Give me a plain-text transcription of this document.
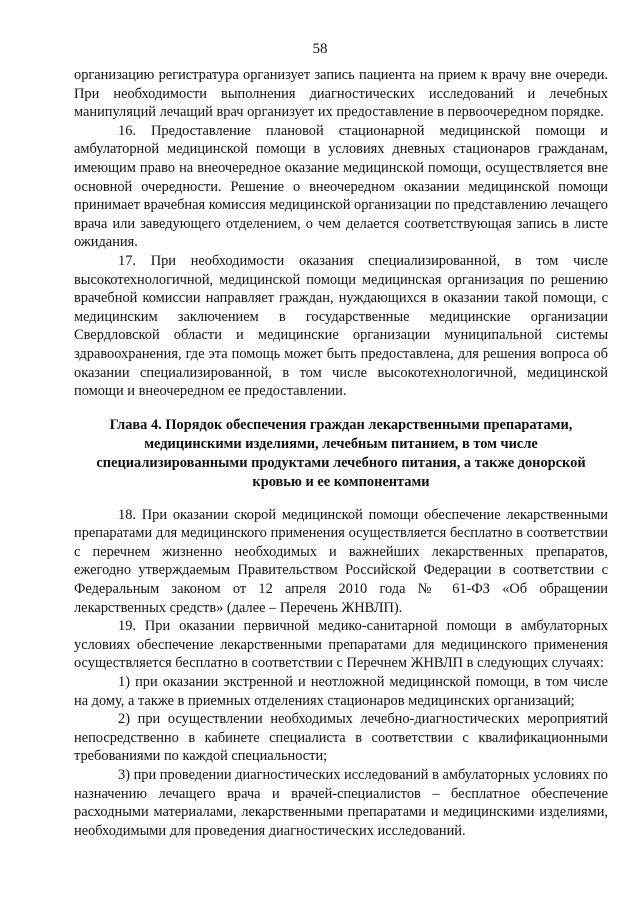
58

организацию регистратура организует запись пациента на прием к врачу вне очереди. При необходимости выполнения диагностических исследований и лечебных манипуляций лечащий врач организует их предоставление в первоочередном порядке.

16. Предоставление плановой стационарной медицинской помощи и амбулаторной медицинской помощи в условиях дневных стационаров гражданам, имеющим право на внеочередное оказание медицинской помощи, осуществляется вне основной очередности. Решение о внеочередном оказании медицинской помощи принимает врачебная комиссия медицинской организации по представлению лечащего врача или заведующего отделением, о чем делается соответствующая запись в листе ожидания.

17. При необходимости оказания специализированной, в том числе высокотехнологичной, медицинской помощи медицинская организация по решению врачебной комиссии направляет граждан, нуждающихся в оказании такой помощи, с медицинским заключением в государственные медицинские организации Свердловской области и медицинские организации муниципальной системы здравоохранения, где эта помощь может быть предоставлена, для решения вопроса об оказании специализированной, в том числе высокотехнологичной, медицинской помощи и внеочередном ее предоставлении.

Глава 4. Порядок обеспечения граждан лекарственными препаратами, медицинскими изделиями, лечебным питанием, в том числе специализированными продуктами лечебного питания, а также донорской кровью и ее компонентами

18. При оказании скорой медицинской помощи обеспечение лекарственными препаратами для медицинского применения осуществляется бесплатно в соответствии с перечнем жизненно необходимых и важнейших лекарственных препаратов, ежегодно утверждаемым Правительством Российской Федерации в соответствии с Федеральным законом от 12 апреля 2010 года № 61-ФЗ «Об обращении лекарственных средств» (далее – Перечень ЖНВЛП).

19. При оказании первичной медико-санитарной помощи в амбулаторных условиях обеспечение лекарственными препаратами для медицинского применения осуществляется бесплатно в соответствии с Перечнем ЖНВЛП в следующих случаях:

1) при оказании экстренной и неотложной медицинской помощи, в том числе на дому, а также в приемных отделениях стационаров медицинских организаций;

2) при осуществлении необходимых лечебно-диагностических мероприятий непосредственно в кабинете специалиста в соответствии с квалификационными требованиями по каждой специальности;

3) при проведении диагностических исследований в амбулаторных условиях по назначению лечащего врача и врачей-специалистов – бесплатное обеспечение расходными материалами, лекарственными препаратами и медицинскими изделиями, необходимыми для проведения диагностических исследований.
